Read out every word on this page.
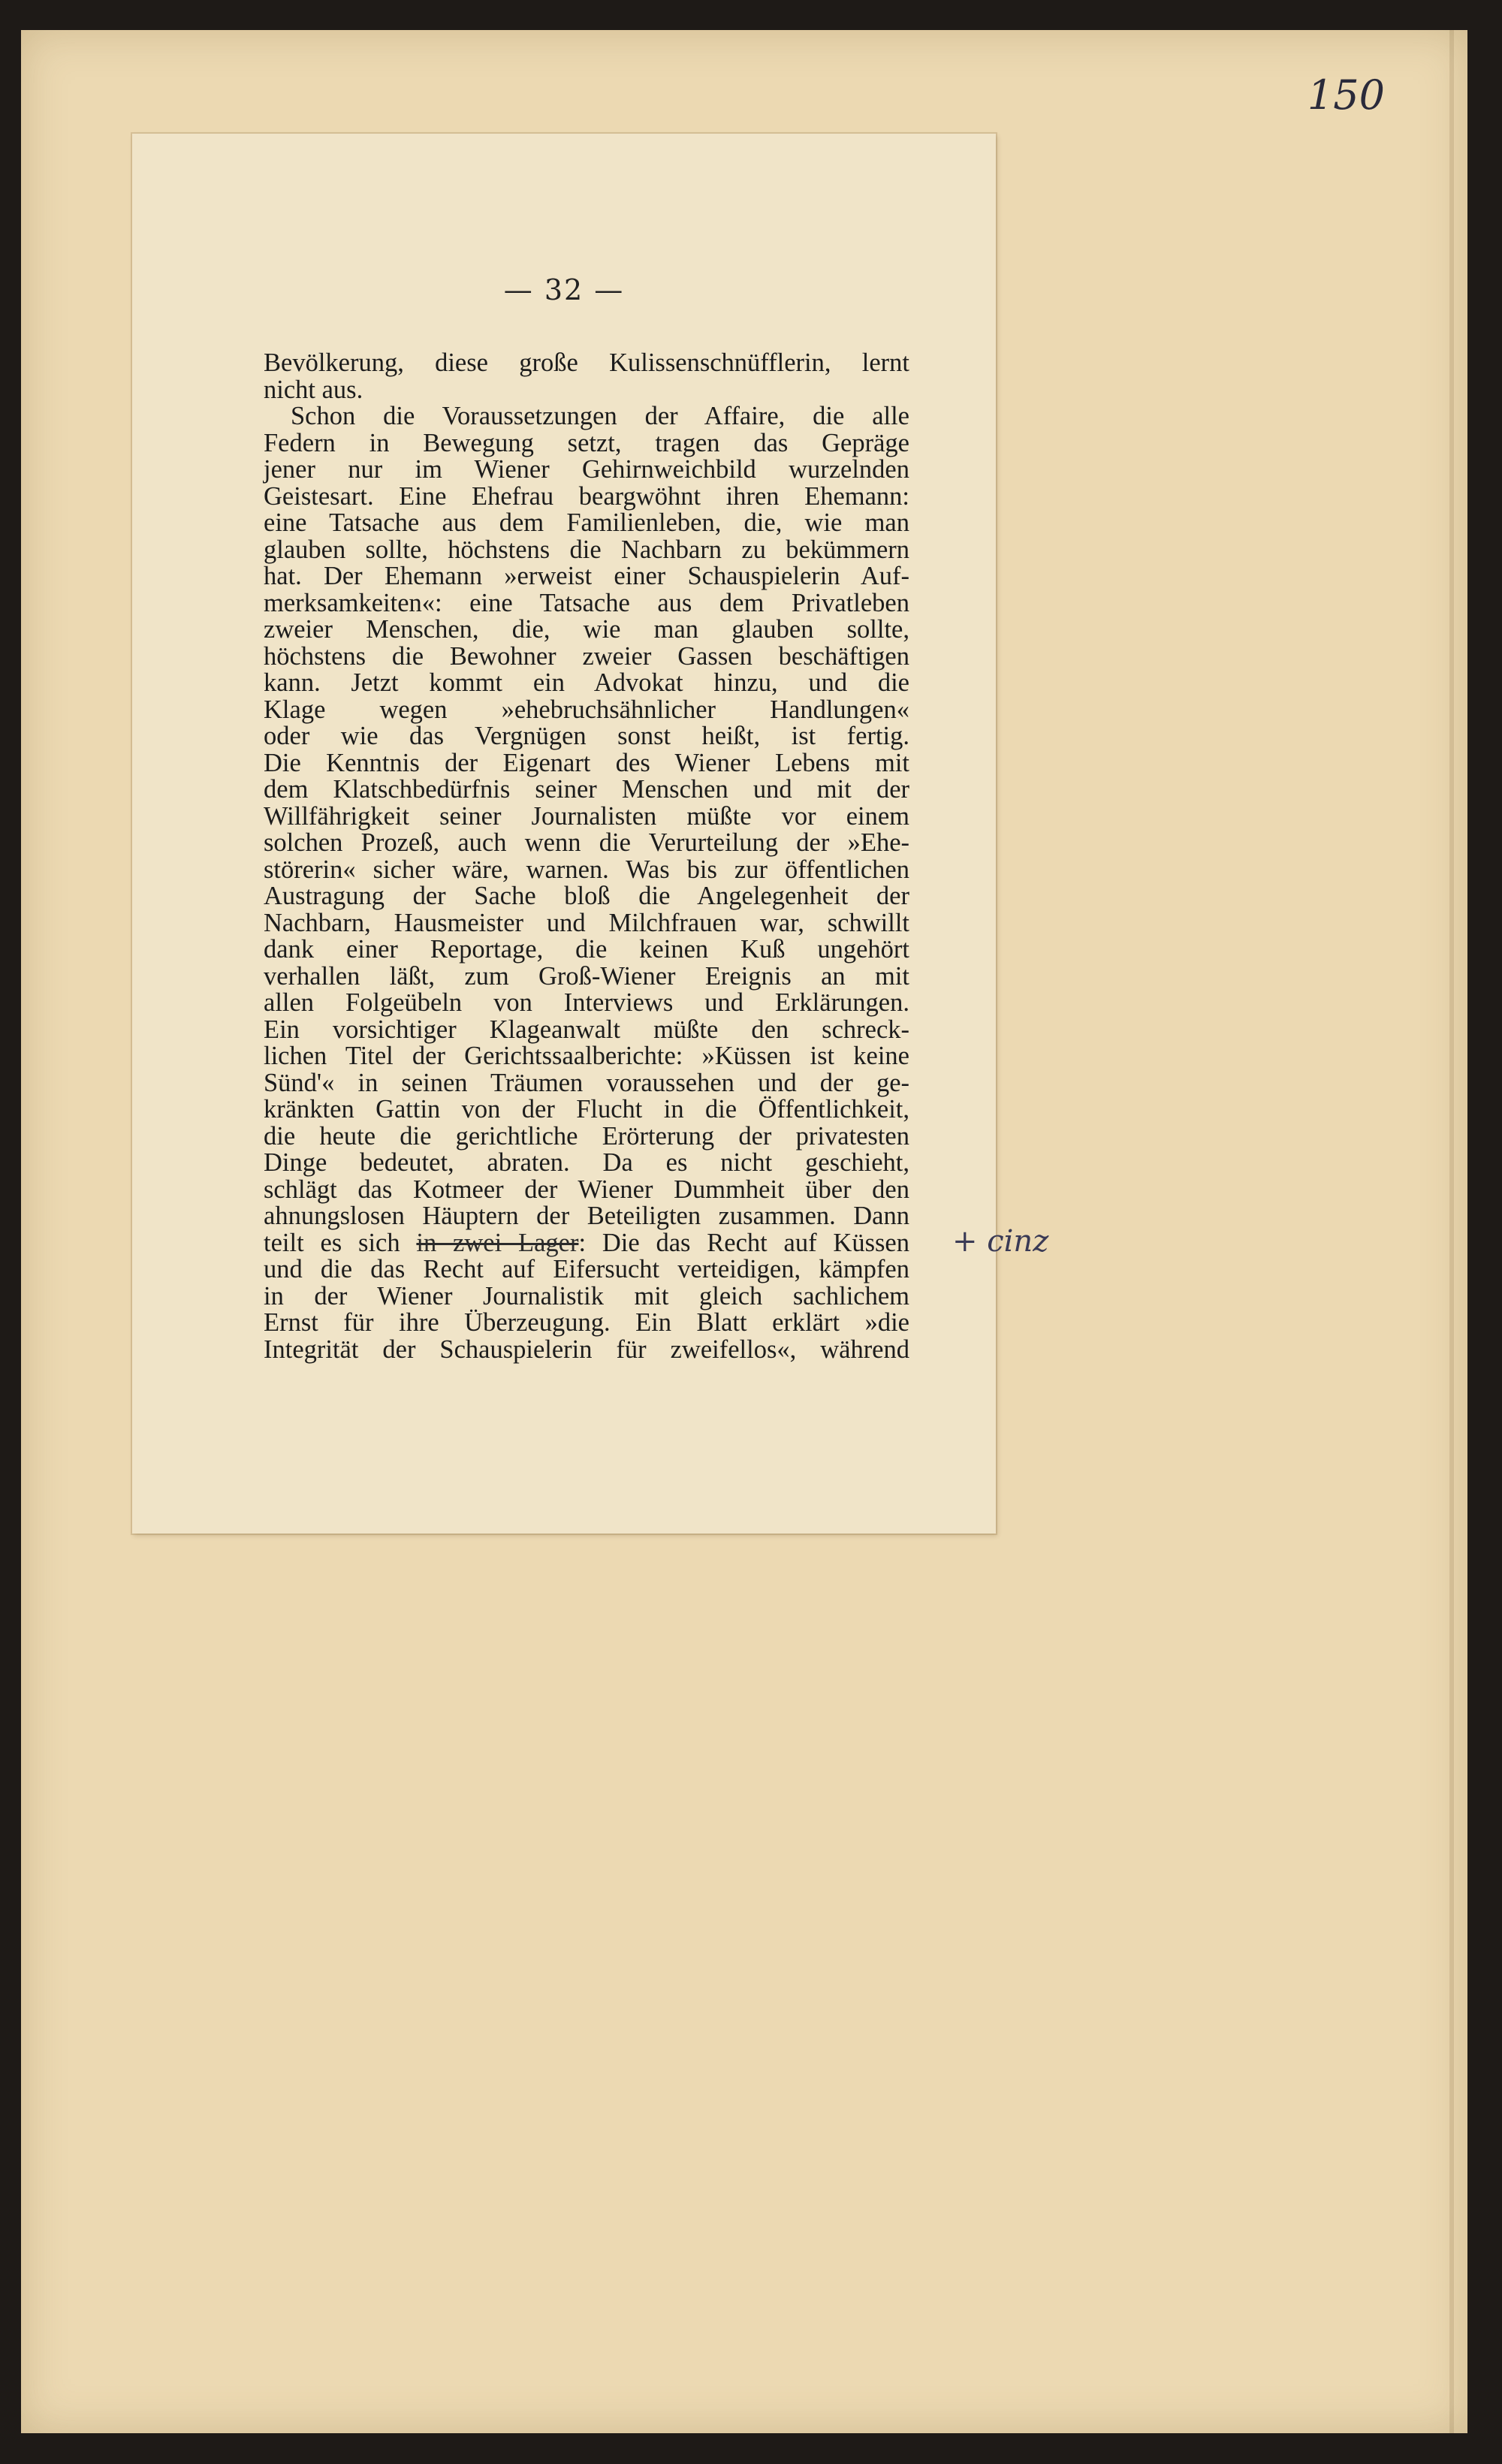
150
— 32 —
Bevölkerung, diese große Kulissenschnüfflerin, lernt
nicht aus.
Schon die Voraussetzungen der Affaire, die alle
Federn in Bewegung setzt, tragen das Gepräge
jener nur im Wiener Gehirnweichbild wurzelnden
Geistesart. Eine Ehefrau beargwöhnt ihren Ehemann:
eine Tatsache aus dem Familienleben, die, wie man
glauben sollte, höchstens die Nachbarn zu bekümmern
hat. Der Ehemann »erweist einer Schauspielerin Auf-
merksamkeiten«: eine Tatsache aus dem Privatleben
zweier Menschen, die, wie man glauben sollte,
höchstens die Bewohner zweier Gassen beschäftigen
kann. Jetzt kommt ein Advokat hinzu, und die
Klage wegen »ehebruchsähnlicher Handlungen«
oder wie das Vergnügen sonst heißt, ist fertig.
Die Kenntnis der Eigenart des Wiener Lebens mit
dem Klatschbedürfnis seiner Menschen und mit der
Willfährigkeit seiner Journalisten müßte vor einem
solchen Prozeß, auch wenn die Verurteilung der »Ehe-
störerin« sicher wäre, warnen. Was bis zur öffentlichen
Austragung der Sache bloß die Angelegenheit der
Nachbarn, Hausmeister und Milchfrauen war, schwillt
dank einer Reportage, die keinen Kuß ungehört
verhallen läßt, zum Groß-Wiener Ereignis an mit
allen Folgeübeln von Interviews und Erklärungen.
Ein vorsichtiger Klageanwalt müßte den schreck-
lichen Titel der Gerichtssaalberichte: »Küssen ist keine
Sünd'« in seinen Träumen voraussehen und der ge-
kränkten Gattin von der Flucht in die Öffentlichkeit,
die heute die gerichtliche Erörterung der privatesten
Dinge bedeutet, abraten. Da es nicht geschieht,
schlägt das Kotmeer der Wiener Dummheit über den
ahnungslosen Häuptern der Beteiligten zusammen. Dann
teilt es sich in zwei Lager: Die das Recht auf Küssen
und die das Recht auf Eifersucht verteidigen, kämpfen
in der Wiener Journalistik mit gleich sachlichem
Ernst für ihre Überzeugung. Ein Blatt erklärt »die
Integrität der Schauspielerin für zweifellos«, während
+ cinz
